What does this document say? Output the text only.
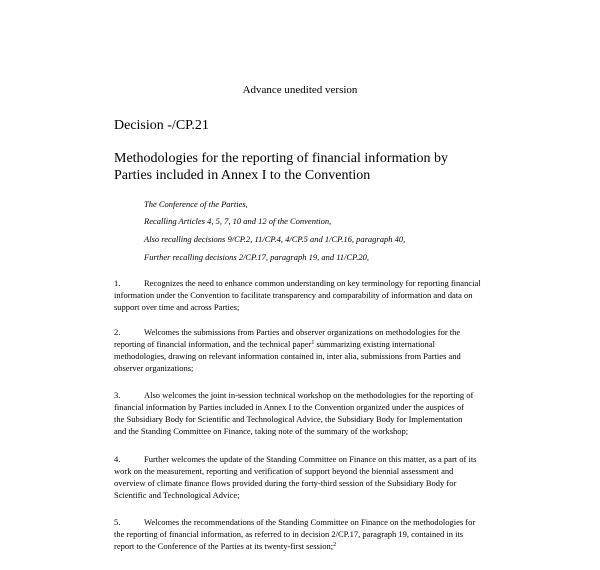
Advance unedited version
Decision -/CP.21
Methodologies for the reporting of financial information by
Parties included in Annex I to the Convention
The Conference of the Parties,
Recalling Articles 4, 5, 7, 10 and 12 of the Convention,
Also recalling decisions 9/CP.2, 11/CP.4, 4/CP.5 and 1/CP.16, paragraph 40,
Further recalling decisions 2/CP.17, paragraph 19, and 11/CP.20,
1.	Recognizes the need to enhance common understanding on key terminology for reporting financial
information under the Convention to facilitate transparency and comparability of information and data on
support over time and across Parties;
2.	Welcomes the submissions from Parties and observer organizations on methodologies for the
reporting of financial information, and the technical paper$^1$ summarizing existing international
methodologies, drawing on relevant information contained in, inter alia, submissions from Parties and
observer organizations;
3.	Also welcomes the joint in-session technical workshop on the methodologies for the reporting of
financial information by Parties included in Annex I to the Convention organized under the auspices of
the Subsidiary Body for Scientific and Technological Advice, the Subsidiary Body for Implementation
and the Standing Committee on Finance, taking note of the summary of the workshop;
4.	Further welcomes the update of the Standing Committee on Finance on this matter, as a part of its
work on the measurement, reporting and verification of support beyond the biennial assessment and
overview of climate finance flows provided during the forty-third session of the Subsidiary Body for
Scientific and Technological Advice;
5.	Welcomes the recommendations of the Standing Committee on Finance on the methodologies for
the reporting of financial information, as referred to in decision 2/CP.17, paragraph 19, contained in its
report to the Conference of the Parties at its twenty-first session;$^2$
